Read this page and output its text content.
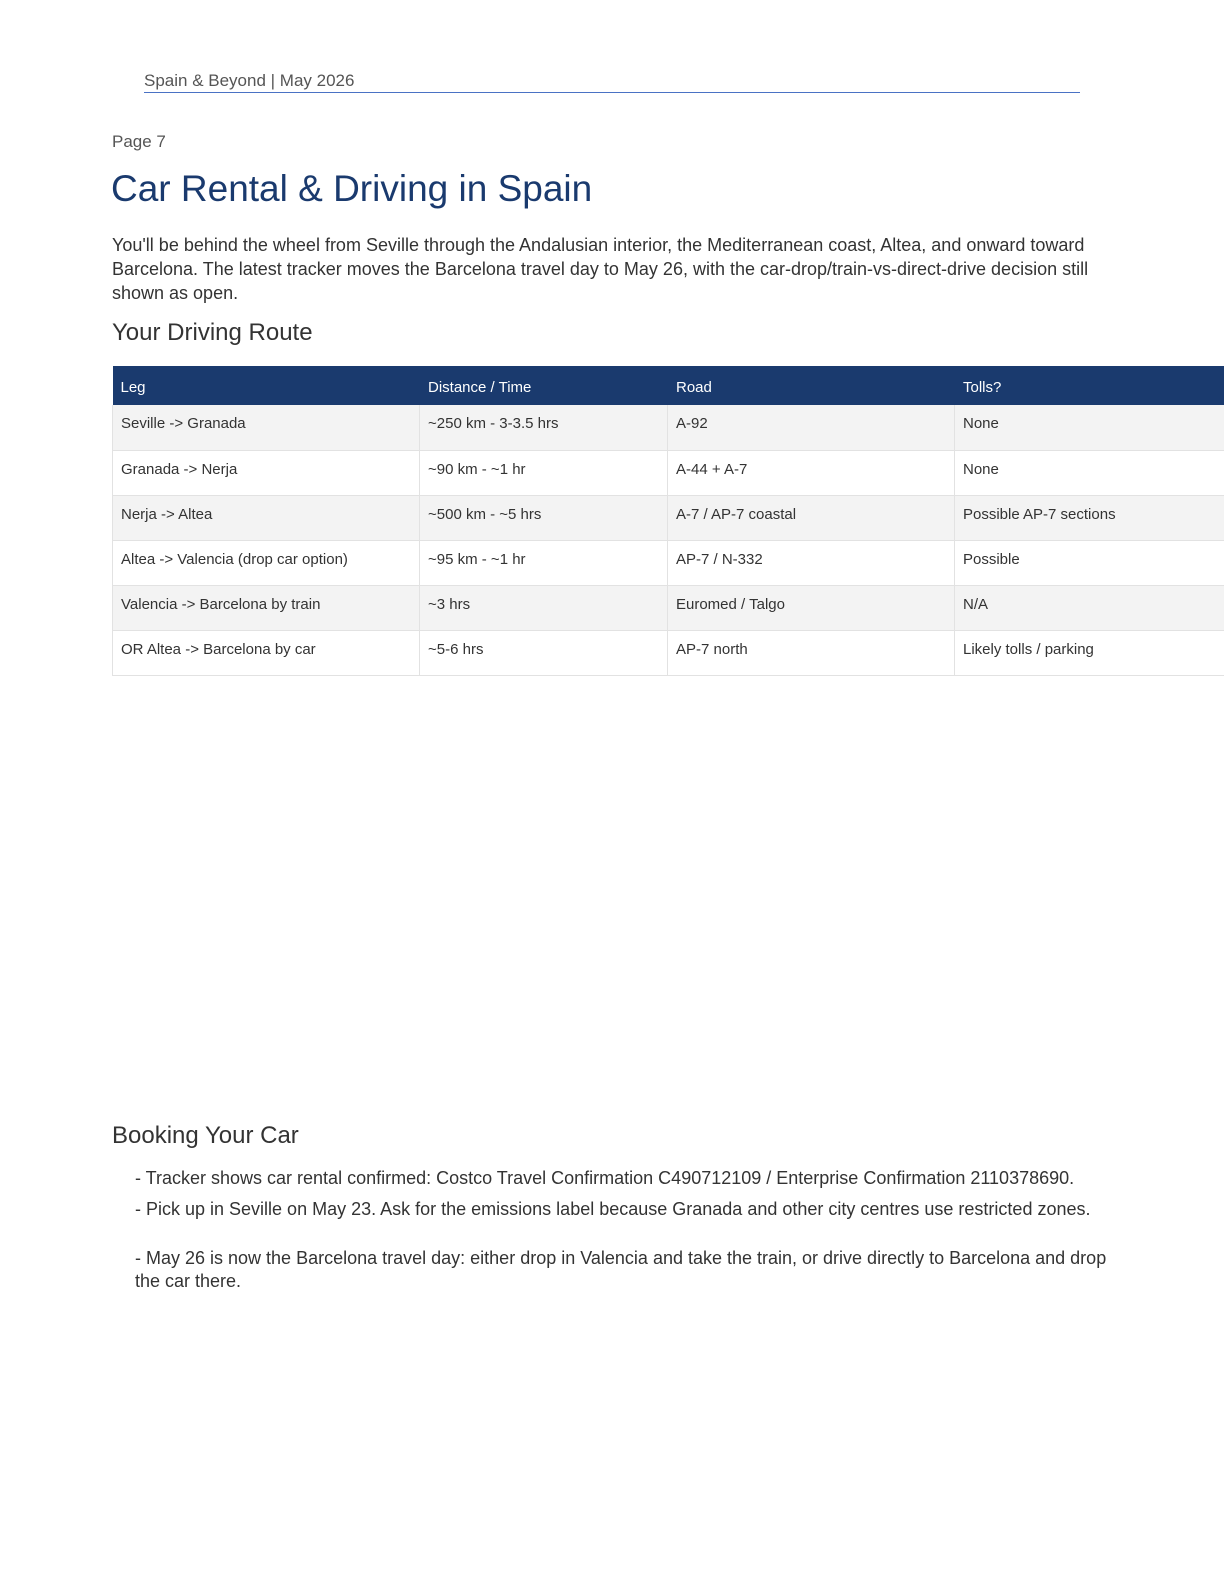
Spain & Beyond | May 2026
Page 7
Car Rental & Driving in Spain

You'll be behind the wheel from Seville through the Andalusian interior, the Mediterranean coast, Altea, and onward toward Barcelona. The latest tracker moves the Barcelona travel day to May 26, with the car-drop/train-vs-direct-drive decision still shown as open.

Your Driving Route
Leg	Distance / Time	Road	Tolls?
Seville -> Granada	~250 km - 3-3.5 hrs	A-92	None
Granada -> Nerja	~90 km - ~1 hr	A-44 + A-7	None
Nerja -> Altea	~500 km - ~5 hrs	A-7 / AP-7 coastal	Possible AP-7 sections
Altea -> Valencia (drop car option)	~95 km - ~1 hr	AP-7 / N-332	Possible
Valencia -> Barcelona by train	~3 hrs	Euromed / Talgo	N/A
OR Altea -> Barcelona by car	~5-6 hrs	AP-7 north	Likely tolls / parking
Booking Your Car
- Tracker shows car rental confirmed: Costco Travel Confirmation C490712109 / Enterprise Confirmation 2110378690.
- Pick up in Seville on May 23. Ask for the emissions label because Granada and other city centres use restricted zones.
- May 26 is now the Barcelona travel day: either drop in Valencia and take the train, or drive directly to Barcelona and drop the car there.
